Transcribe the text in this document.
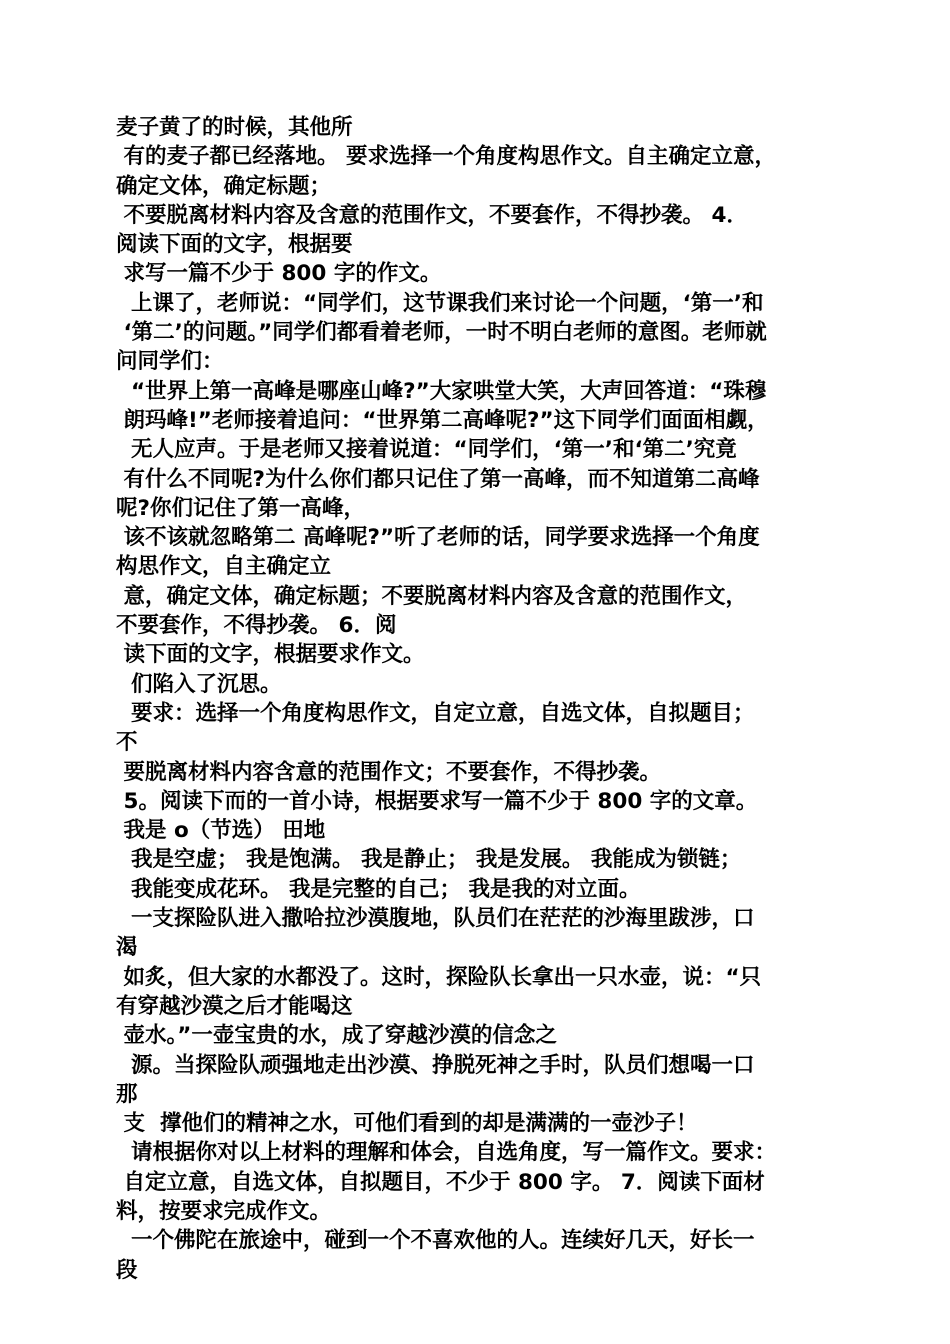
麦子黄了的时候，其他所
有的麦子都已经落地。 要求选择一个角度构思作文。自主确定立意，
确定文体，确定标题；
不要脱离材料内容及含意的范围作文，不要套作，不得抄袭。 4．
阅读下面的文字，根据要
求写一篇不少于 800 字的作文。
上课了，老师说：“同学们，这节课我们来讨论一个问题，‘第一’和
‘第二’的问题。”同学们都看着老师，一时不明白老师的意图。老师就
问同学们：
“世界上第一高峰是哪座山峰?”大家哄堂大笑，大声回答道：“珠穆
朗玛峰!”老师接着追问：“世界第二高峰呢?”这下同学们面面相觑，
无人应声。于是老师又接着说道：“同学们，‘第一’和‘第二’究竟
有什么不同呢?为什么你们都只记住了第一高峰，而不知道第二高峰
呢?你们记住了第一高峰，
该不该就忽略第二 高峰呢?”听了老师的话，同学要求选择一个角度
构思作文，自主确定立
意，确定文体，确定标题；不要脱离材料内容及含意的范围作文，
不要套作，不得抄袭。 6．阅
读下面的文字，根据要求作文。
们陷入了沉思。
要求：选择一个角度构思作文，自定立意，自选文体，自拟题目；
不
要脱离材料内容含意的范围作文；不要套作，不得抄袭。
5。阅读下而的一首小诗，根据要求写一篇不少于 800 字的文章。
我是 o（节选） 田地
我是空虚； 我是饱满。 我是静止； 我是发展。 我能成为锁链；
我能变成花环。 我是完整的自己； 我是我的对立面。
一支探险队进入撒哈拉沙漠腹地，队员们在茫茫的沙海里跋涉，口
渴
如炙，但大家的水都没了。这时，探险队长拿出一只水壶，说：“只
有穿越沙漠之后才能喝这
壶水。”一壶宝贵的水，成了穿越沙漠的信念之
源。当探险队顽强地走出沙漠、挣脱死神之手时，队员们想喝一口
那
支  撑他们的精神之水，可他们看到的却是满满的一壶沙子！
请根据你对以上材料的理解和体会，自选角度，写一篇作文。要求：
自定立意，自选文体，自拟题目，不少于 800 字。 7．阅读下面材
料，按要求完成作文。
一个佛陀在旅途中，碰到一个不喜欢他的人。连续好几天，好长一
段
